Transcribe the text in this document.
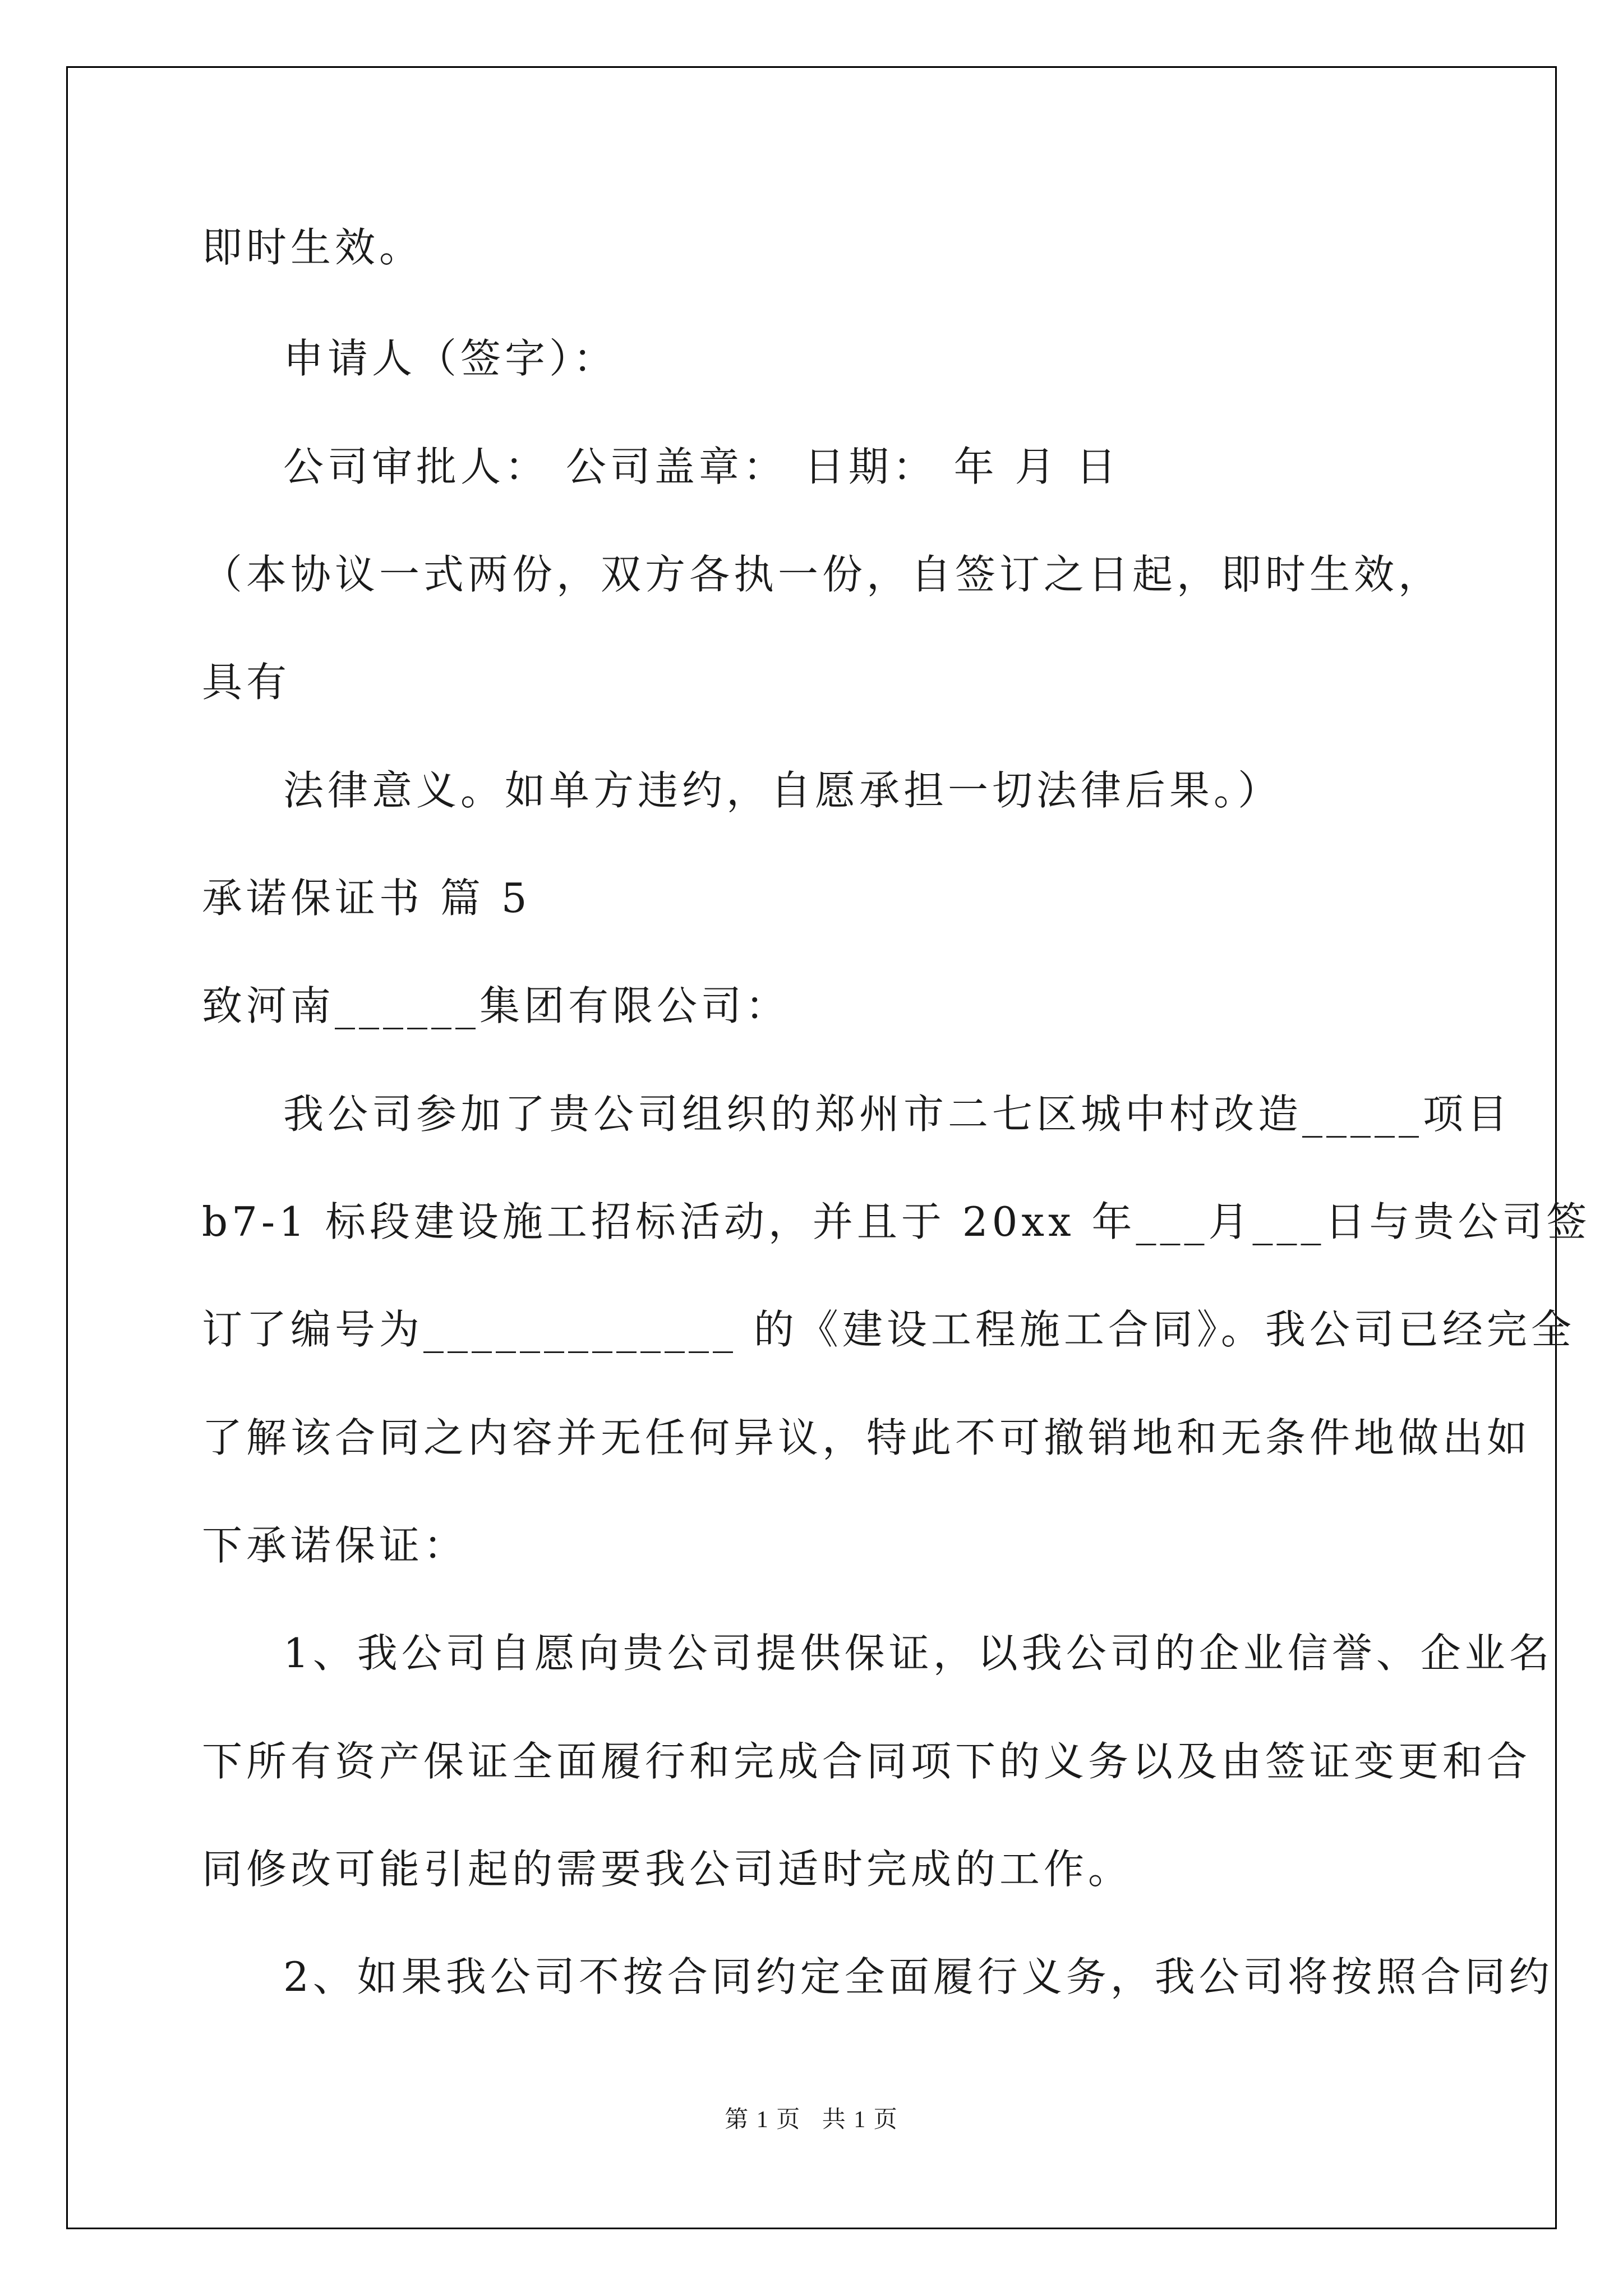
即时生效。
申请人（签字）：
公司审批人： 公司盖章： 日期： 年 月 日
（本协议一式两份，双方各执一份，自签订之日起，即时生效，
具有
法律意义。如单方违约，自愿承担一切法律后果。）
承诺保证书 篇 5
致河南______集团有限公司：
我公司参加了贵公司组织的郑州市二七区城中村改造_____项目
b7-1 标段建设施工招标活动，并且于 20xx 年___月___日与贵公司签
订了编号为_____________ 的《建设工程施工合同》。我公司已经完全
了解该合同之内容并无任何异议，特此不可撤销地和无条件地做出如
下承诺保证：
1、我公司自愿向贵公司提供保证，以我公司的企业信誉、企业名
下所有资产保证全面履行和完成合同项下的义务以及由签证变更和合
同修改可能引起的需要我公司适时完成的工作。
2、如果我公司不按合同约定全面履行义务，我公司将按照合同约
第 1 页   共 1 页
